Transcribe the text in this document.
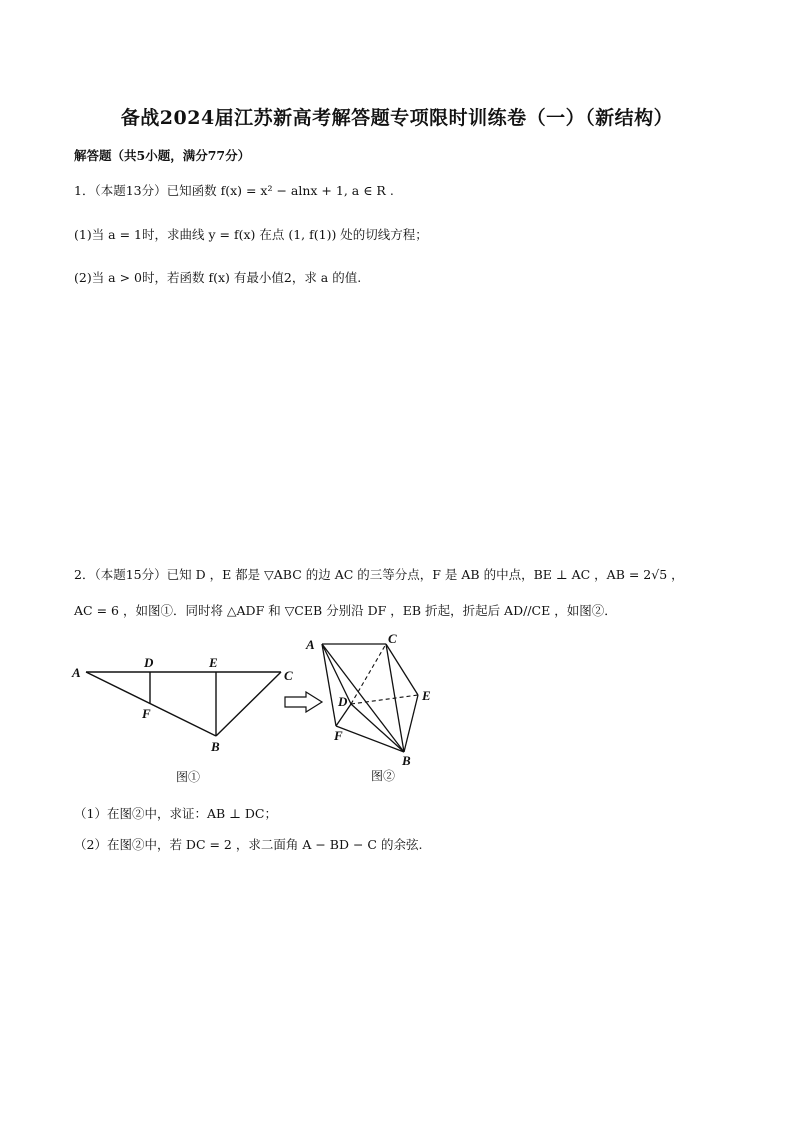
备战2024届江苏新高考解答题专项限时训练卷（一）（新结构）
解答题（共5小题，满分77分）
1．（本题13分）已知函数 f(x) = x² − alnx + 1, a ∈ R .
(1)当 a = 1时，求曲线 y = f(x) 在点 (1, f(1)) 处的切线方程；
(2)当 a > 0时，若函数 f(x) 有最小值2，求 a 的值.
2．（本题15分）已知 D ，E 都是 ▽ABC 的边 AC 的三等分点，F 是 AB 的中点，BE ⊥ AC ，AB = 2√5 ，
AC = 6 ，如图①．同时将 △ADF 和 ▽CEB 分别沿 DF ，EB 折起，折起后 AD//CE ，如图②．
A
D	E
C
F
B
图①
A	C
D	E
F
B
图②
（1）在图②中，求证：AB ⊥ DC；
（2）在图②中，若 DC = 2 ，求二面角 A − BD − C 的余弦.
